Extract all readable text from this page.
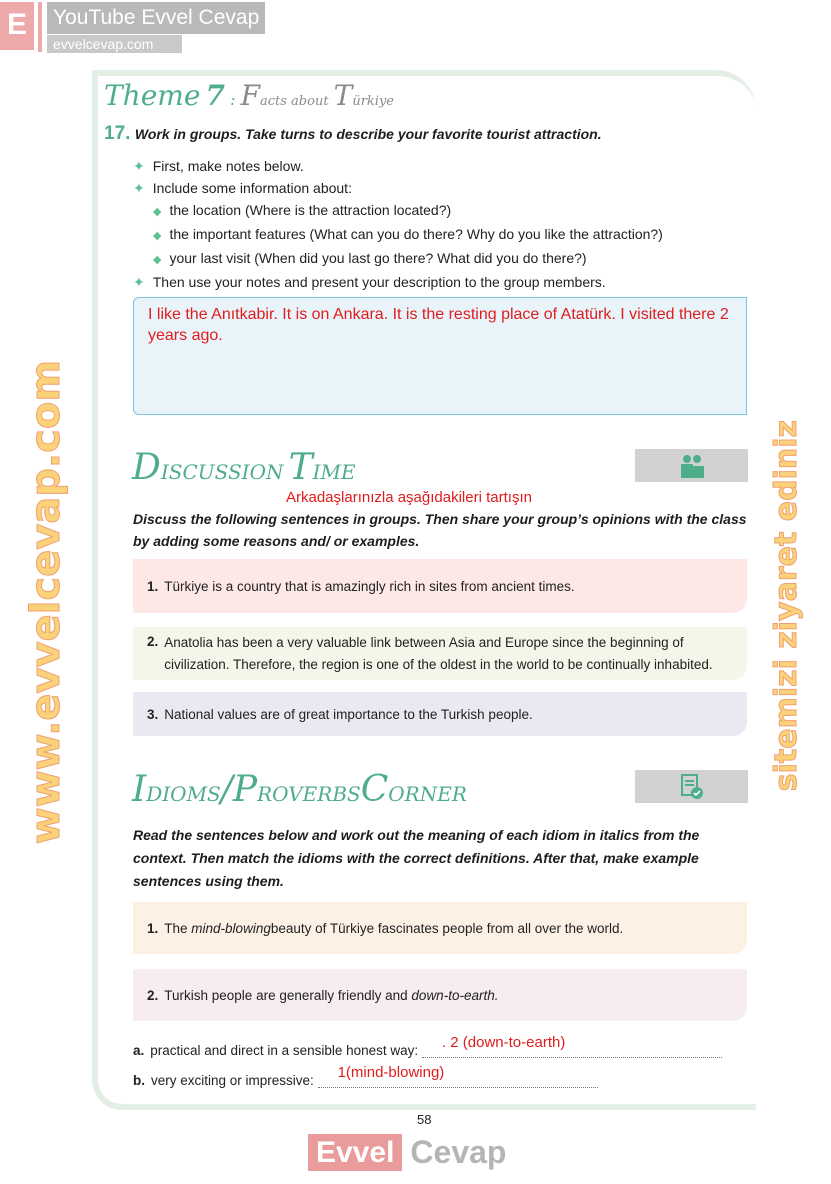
E	YouTube Evvel Cevap
evvelcevap.com
Theme 7 : Facts about Türkiye
17. Work in groups. Take turns to describe your favorite tourist attraction.
✦ First, make notes below.
✦ Include some information about:
◆ the location (Where is the attraction located?)
◆ the important features (What can you do there? Why do you like the attraction?)
◆ your last visit (When did you last go there? What did you do there?)
✦ Then use your notes and present your description to the group members.
I like the Anıtkabir. It is on Ankara. It is the resting place of Atatürk. I visited there 2 years ago.
DISCUSSION TIME
Arkadaşlarınızla aşağıdakileri tartışın
Discuss the following sentences in groups. Then share your group’s opinions with the class by adding some reasons and/ or examples.
1. Türkiye is a country that is amazingly rich in sites from ancient times.
2. Anatolia has been a very valuable link between Asia and Europe since the beginning of civilization. Therefore, the region is one of the oldest in the world to be continually inhabited.
3. National values are of great importance to the Turkish people.
IDIOMS/PROVERBSCORNER
Read the sentences below and work out the meaning of each idiom in italics from the context. Then match the idioms with the correct definitions. After that, make example sentences using them.
1. The
mind-blowing beauty of Türkiye fascinates people from all over the world.
2. Turkish people are generally friendly and
down-to-earth.
a. practical and direct in a sensible honest way: . 2 (down-to-earth)
b. very exciting or impressive: 1(mind-blowing)
58
Evvel Cevap
www.evvelcevap.com	sitemizi ziyaret ediniz
